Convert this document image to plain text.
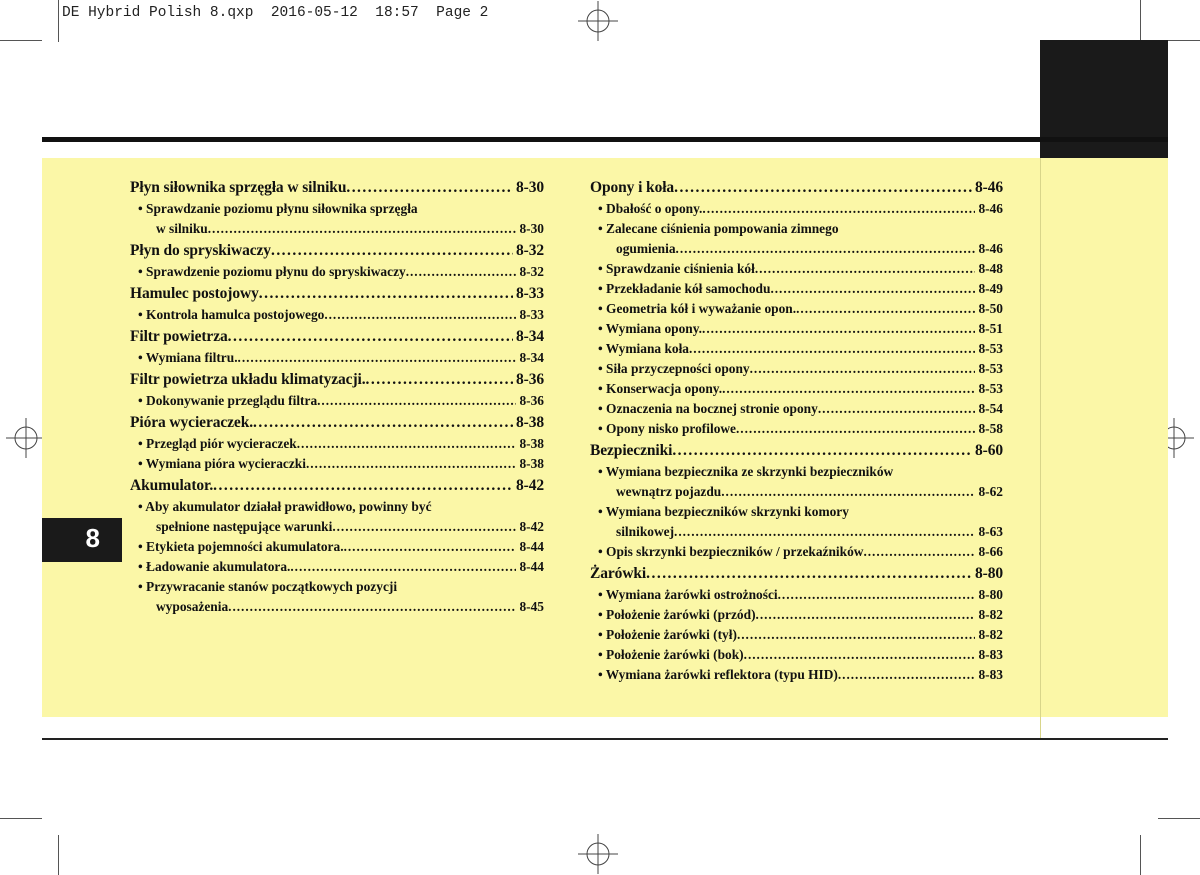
DE Hybrid Polish 8.qxp  2016-05-12  18:57  Page 2
8
Płyn siłownika sprzęgła w silniku . . .	8-30
• Sprawdzanie poziomu płynu siłownika sprzęgła
w silniku . . .	8-30
Płyn do spryskiwaczy . . .	8-32
• Sprawdzenie poziomu płynu do spryskiwaczy . . .	8-32
Hamulec postojowy . . .	8-33
• Kontrola hamulca postojowego . . .	8-33
Filtr powietrza . . .	8-34
• Wymiana filtru. . . .	8-34
Filtr powietrza układu klimatyzacji. . . .	8-36
• Dokonywanie przeglądu filtra . . .	8-36
Pióra wycieraczek. . . .	8-38
• Przegląd piór wycieraczek . . .	8-38
• Wymiana pióra wycieraczki . . .	8-38
Akumulator. . . .	8-42
• Aby akumulator działał prawidłowo, powinny być
spełnione następujące warunki . . .	8-42
• Etykieta pojemności akumulatora. . . .	8-44
• Ładowanie akumulatora. . . .	8-44
• Przywracanie stanów początkowych pozycji
wyposażenia . . .	8-45
Opony i koła . . .	8-46
• Dbałość o opony. . . .	8-46
• Zalecane ciśnienia pompowania zimnego
ogumienia . . .	8-46
• Sprawdzanie ciśnienia kół . . .	8-48
• Przekładanie kół samochodu . . .	8-49
• Geometria kół i wyważanie opon. . . .	8-50
• Wymiana opony. . . .	8-51
• Wymiana koła . . .	8-53
• Siła przyczepności opony . . .	8-53
• Konserwacja opony. . . .	8-53
• Oznaczenia na bocznej stronie opony . . .	8-54
• Opony nisko profilowe . . .	8-58
Bezpieczniki . . .	8-60
• Wymiana bezpiecznika ze skrzynki bezpieczników
wewnątrz pojazdu . . .	8-62
• Wymiana bezpieczników skrzynki komory
silnikowej . . .	8-63
• Opis skrzynki bezpieczników / przekaźników . . .	8-66
Żarówki . . .	8-80
• Wymiana żarówki ostrożności . . .	8-80
• Położenie żarówki (przód) . . .	8-82
• Położenie żarówki (tył) . . .	8-82
• Położenie żarówki (bok) . . .	8-83
• Wymiana żarówki reflektora (typu HID) . . .	8-83
